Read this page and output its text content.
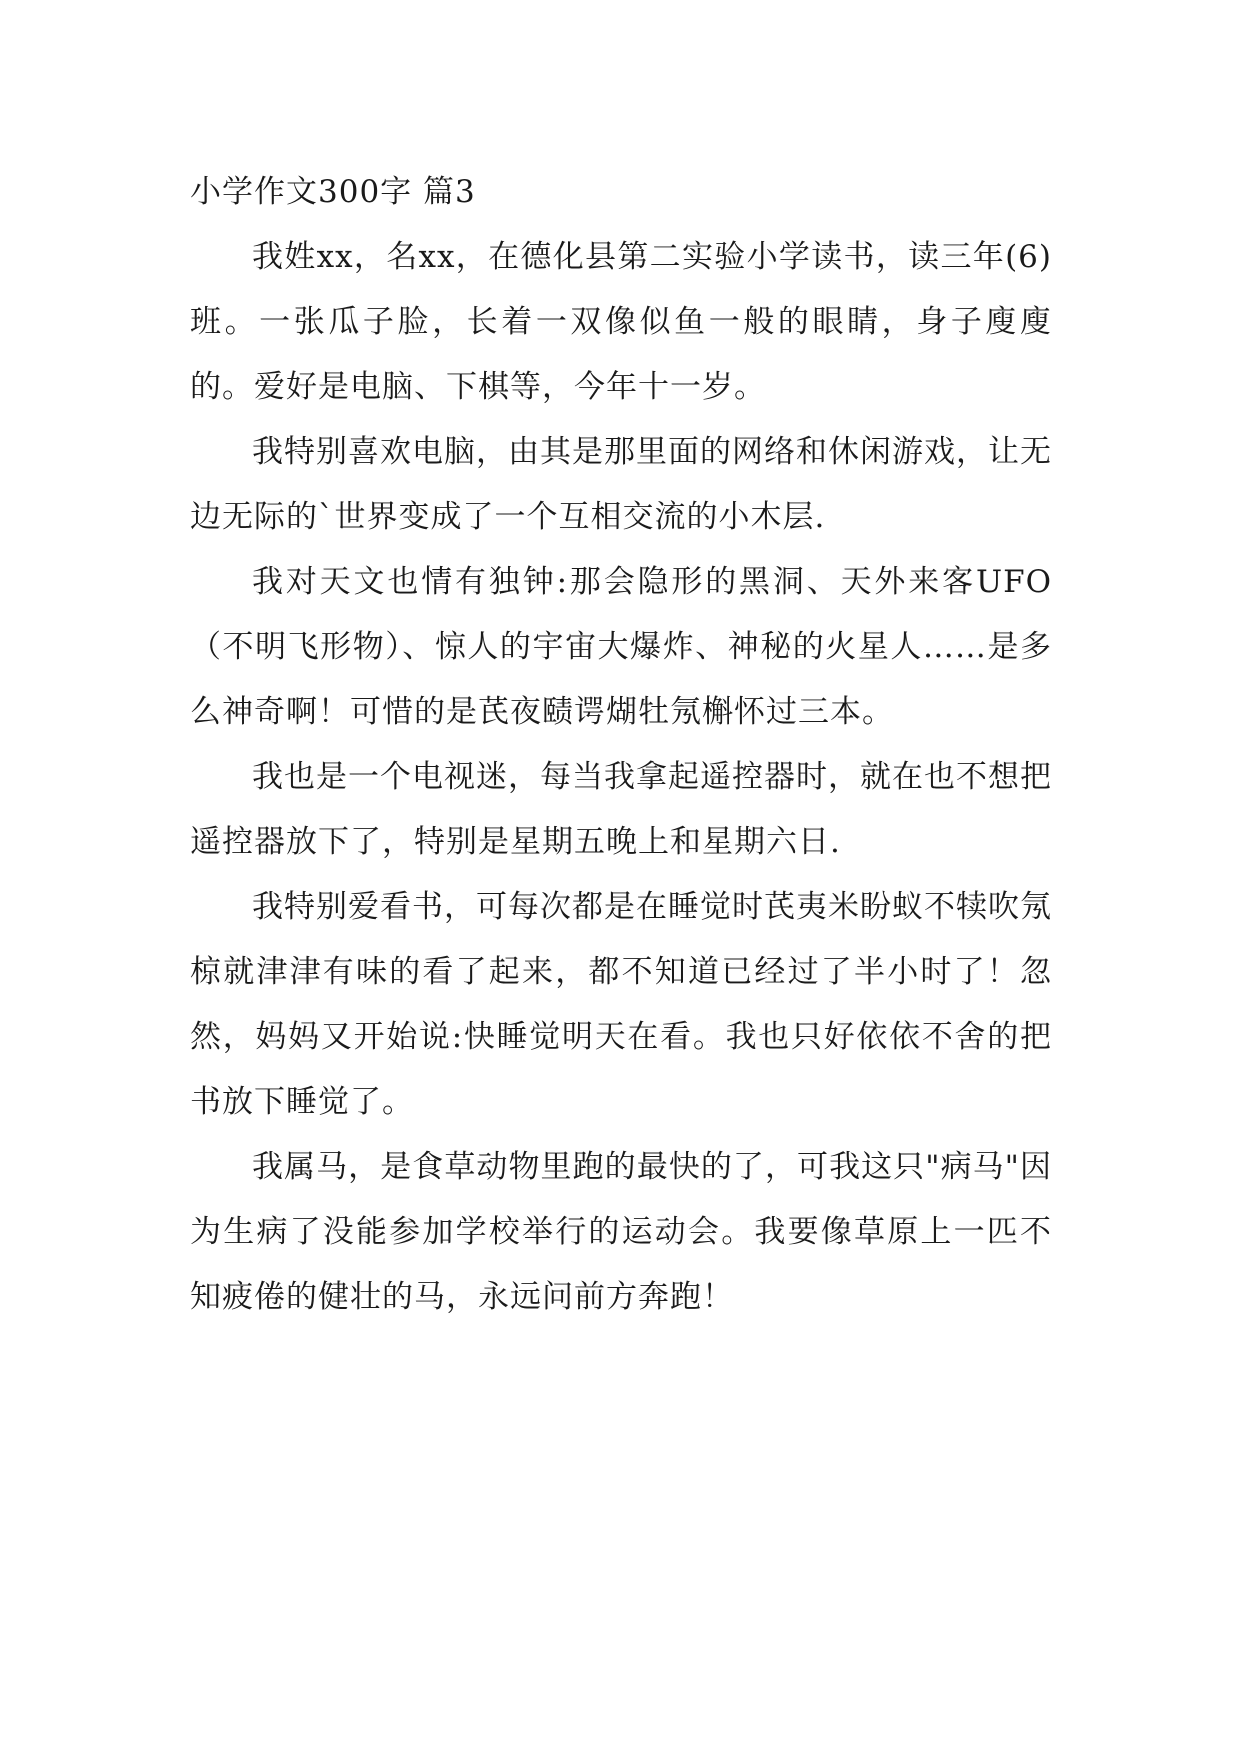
小学作文300字 篇3

我姓xx，名xx，在德化县第二实验小学读书，读三年(6)班。一张瓜子脸，长着一双像似鱼一般的眼睛，身子廋廋的。爱好是电脑、下棋等，今年十一岁。

我特别喜欢电脑，由其是那里面的网络和休闲游戏，让无边无际的`世界变成了一个互相交流的小木层.

我对天文也情有独钟:那会隐形的黑洞、天外来客UFO（不明飞形物）、惊人的宇宙大爆炸、神秘的火星人……是多么神奇啊！可惜的是芪夜赜谔煳牡氖槲怀过三本。

我也是一个电视迷，每当我拿起遥控器时，就在也不想把遥控器放下了，特别是星期五晚上和星期六日.

我特别爱看书，可每次都是在睡觉时芪夷米盼蚁不犊吹氖椋就津津有味的看了起来，都不知道已经过了半小时了！忽然，妈妈又开始说:快睡觉明天在看。我也只好依依不舍的把书放下睡觉了。

我属马，是食草动物里跑的最快的了，可我这只"病马"因为生病了没能参加学校举行的运动会。我要像草原上一匹不知疲倦的健壮的马，永远问前方奔跑！
